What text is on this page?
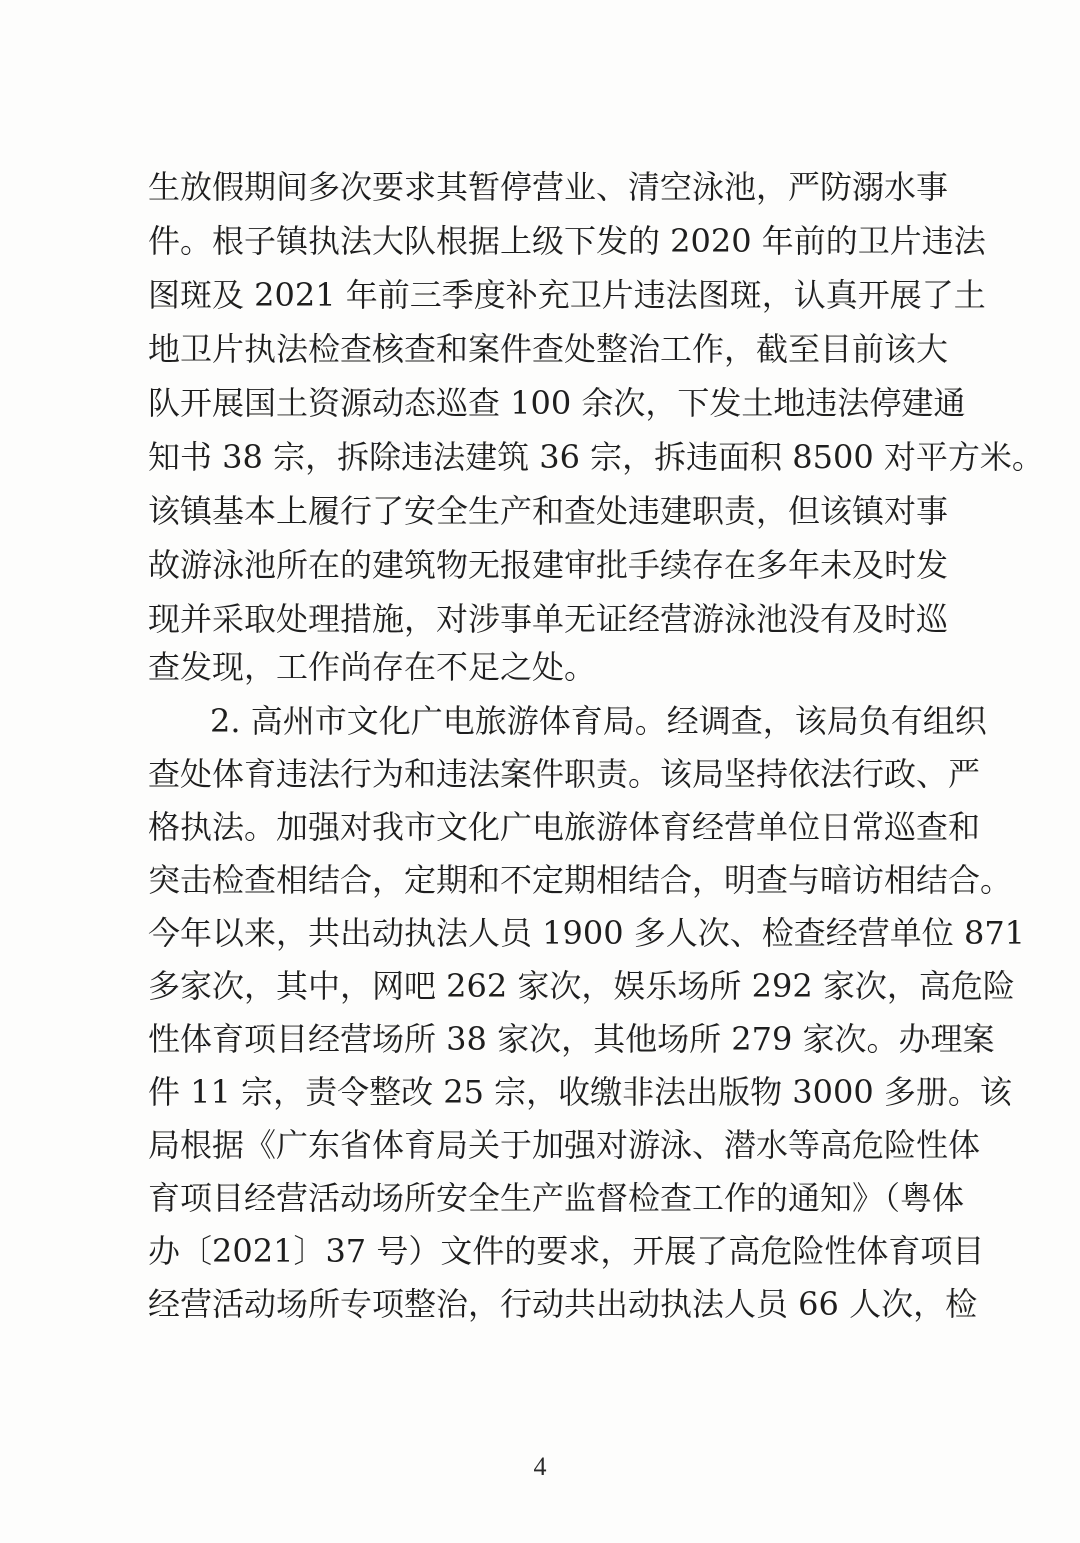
生放假期间多次要求其暂停营业、清空泳池，严防溺水事
件。根子镇执法大队根据上级下发的 2020 年前的卫片违法
图斑及 2021 年前三季度补充卫片违法图斑，认真开展了土
地卫片执法检查核查和案件查处整治工作，截至目前该大
队开展国土资源动态巡查 100 余次，下发土地违法停建通
知书 38 宗，拆除违法建筑 36 宗，拆违面积 8500 对平方米。
该镇基本上履行了安全生产和查处违建职责，但该镇对事
故游泳池所在的建筑物无报建审批手续存在多年未及时发
现并采取处理措施，对涉事单无证经营游泳池没有及时巡
查发现，工作尚存在不足之处。
2. 高州市文化广电旅游体育局。经调查，该局负有组织
查处体育违法行为和违法案件职责。该局坚持依法行政、严
格执法。加强对我市文化广电旅游体育经营单位日常巡查和
突击检查相结合，定期和不定期相结合，明查与暗访相结合。
今年以来，共出动执法人员 1900 多人次、检查经营单位 871
多家次，其中，网吧 262 家次，娱乐场所 292 家次，高危险
性体育项目经营场所 38 家次，其他场所 279 家次。办理案
件 11 宗，责令整改 25 宗，收缴非法出版物 3000 多册。该
局根据《广东省体育局关于加强对游泳、潜水等高危险性体
育项目经营活动场所安全生产监督检查工作的通知》（粤体
办〔2021〕37 号）文件的要求，开展了高危险性体育项目
经营活动场所专项整治，行动共出动执法人员 66 人次，检
4
